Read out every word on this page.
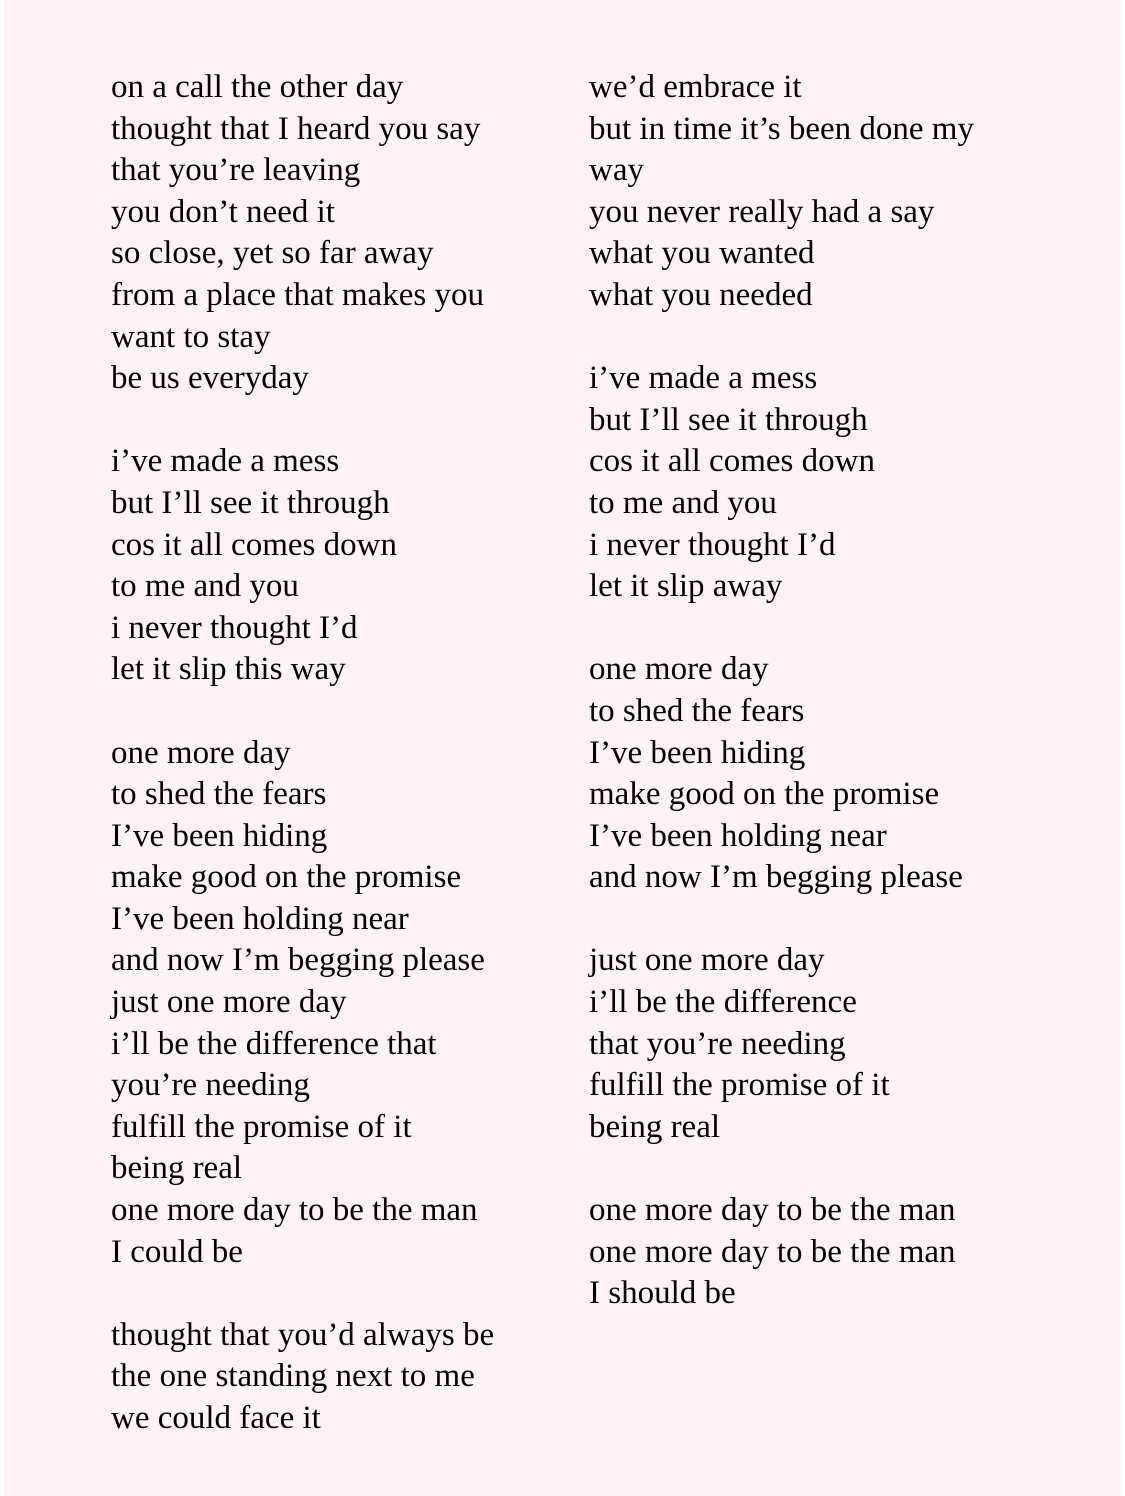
on a call the other day
thought that I heard you say
that you’re leaving
you don’t need it
so close, yet so far away
from a place that makes you
want to stay
be us everyday
i’ve made a mess
but I’ll see it through
cos it all comes down
to me and you
i never thought I’d
let it slip this way
one more day
to shed the fears
I’ve been hiding
make good on the promise
I’ve been holding near
and now I’m begging please
just one more day
i’ll be the difference that
you’re needing
fulfill the promise of it
being real
one more day to be the man
I could be
thought that you’d always be
the one standing next to me
we could face it
we’d embrace it
but in time it’s been done my
way
you never really had a say
what you wanted
what you needed
i’ve made a mess
but I’ll see it through
cos it all comes down
to me and you
i never thought I’d
let it slip away
one more day
to shed the fears
I’ve been hiding
make good on the promise
I’ve been holding near
and now I’m begging please
just one more day
i’ll be the difference
that you’re needing
fulfill the promise of it
being real
one more day to be the man
one more day to be the man
I should be
